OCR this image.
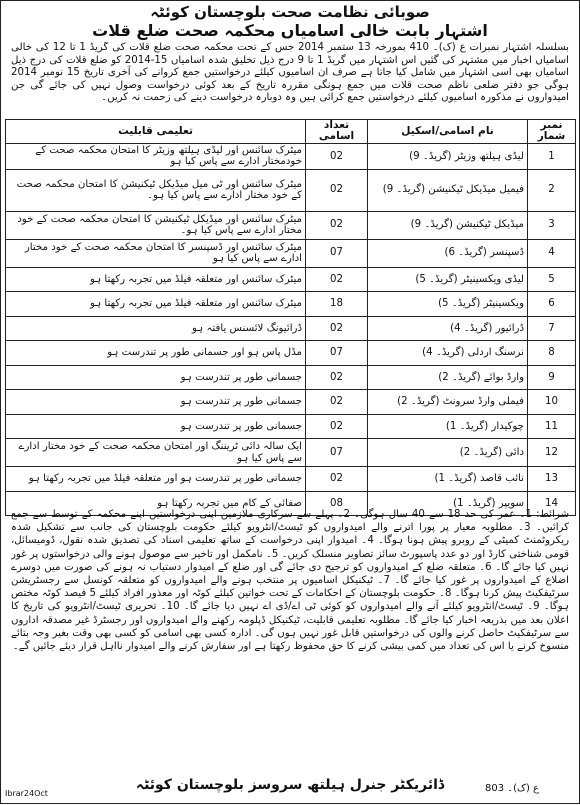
صوبائی نظامت صحت بلوچستان کوئٹہ
اشتہار بابت خالی اسامیاں محکمہ صحت ضلع قلات
بسلسلہ اشتہار نمبرات ع (ک)۔ 410 بمورخہ 13 ستمبر 2014 جس کے تحت محکمہ صحت ضلع قلات کی گریڈ 1 تا 12 کی خالی اسامیاں اخبار میں مشتہر کی گئیں اس اشتہار میں گریڈ 1 تا 9 درج ذیل تخلیق شدہ اسامیاں 15-2014 کو ضلع قلات کی درج ذیل اسامیاں بھی اسی اشتہار میں شامل کیا جاتا ہے صرف ان اسامیوں کیلئے درخواستیں جمع کروانے کی آخری تاریخ 15 نومبر 2014 ہوگی جو دفتر ضلعی ناظم صحت قلات میں جمع ہونگی مقررہ تاریخ کے بعد کوئی درخواست وصول نہیں کی جائے گی جن امیدواروں نے مذکورہ اسامیوں کیلئے درخواستیں جمع کرائی ہیں وہ دوبارہ درخواست دینے کی زحمت نہ کریں۔
نمبر شمار	نام اسامی/اسکیل	تعداد اسامی	تعلیمی قابلیت
1	لیڈی ہیلتھ وزیٹر (گریڈ۔ 9)	02	میٹرک سائنس اور لیڈی ہیلتھ وزیٹر کا امتحان محکمہ صحت کے خودمختار ادارے سے پاس کیا ہو
2	فیمیل میڈیکل ٹیکنیشن (گریڈ۔ 9)	02	میٹرک سائنس اور ٹی میل میڈیکل ٹیکنیشن کا امتحان محکمہ صحت کے خود مختار ادارے سے پاس کیا ہو۔
3	میڈیکل ٹیکنیشن (گریڈ۔ 9)	02	میٹرک سائنس اور میڈیکل ٹیکنیشن کا امتحان محکمہ صحت کے خود مختار ادارے سے پاس کیا ہو۔
4	ڈسپنسر (گریڈ۔ 6)	07	میٹرک سائنس اور ڈسپنسر کا امتحان محکمہ صحت کے خود مختار ادارے سے پاس کیا ہو
5	لیڈی ویکسینیٹر (گریڈ۔ 5)	02	میٹرک سائنس اور متعلقہ فیلڈ میں تجربہ رکھتا ہو
6	ویکسینیٹر (گریڈ۔ 5)	18	میٹرک سائنس اور متعلقہ فیلڈ میں تجربہ رکھتا ہو
7	ڈرائیور (گریڈ۔ 4)	02	ڈرائیونگ لائسنس یافتہ ہو
8	نرسنگ اردلی (گریڈ۔ 4)	07	مڈل پاس ہو اور جسمانی طور پر تندرست ہو
9	وارڈ بوائے (گریڈ۔ 2)	02	جسمانی طور پر تندرست ہو
10	فیملی وارڈ سرونٹ (گریڈ۔ 2)	02	جسمانی طور پر تندرست ہو
11	چوکیدار (گریڈ۔ 1)	02	جسمانی طور پر تندرست ہو
12	دائی (گریڈ۔ 2)	07	ایک سالہ دائی ٹریننگ اور امتحان محکمہ صحت کے خود مختار ادارے سے پاس کیا ہو
13	نائب قاصد (گریڈ۔ 1)	02	جسمانی طور پر تندرست ہو اور متعلقہ فیلڈ میں تجربہ رکھتا ہو
14	سویپر (گریڈ۔ 1)	08	صفائی کے کام میں تجربہ رکھتا ہو
شرائط: 1۔ عمر کی حد 18 سے 40 سال ہوگی۔ 2۔ پہلے سے سرکاری ملازمین اپنی درخواستیں اپنے محکمہ کے توسط سے جمع کرائیں۔ 3۔ مطلوبہ معیار پر پورا اترنے والے امیدواروں کو ٹیسٹ/انٹرویو کیلئے حکومت بلوچستان کی جانب سے تشکیل شدہ ریکروٹمنٹ کمیٹی کے روبرو پیش ہونا ہوگا۔ 4۔ امیدوار اپنی درخواست کے ساتھ تعلیمی اسناد کی تصدیق شدہ نقول، ڈومیسائل، قومی شناختی کارڈ اور دو عدد پاسپورٹ سائز تصاویر منسلک کریں۔ 5۔ نامکمل اور تاخیر سے موصول ہونے والی درخواستوں پر غور نہیں کیا جائے گا۔ 6۔ متعلقہ ضلع کے امیدواروں کو ترجیح دی جائے گی اور ضلع کے امیدوار دستیاب نہ ہونے کی صورت میں دوسرے اضلاع کے امیدواروں پر غور کیا جائے گا۔ 7۔ ٹیکنیکل اسامیوں پر منتخب ہونے والے امیدواروں کو متعلقہ کونسل سے رجسٹریشن سرٹیفکیٹ پیش کرنا ہوگا۔ 8۔ حکومت بلوچستان کے احکامات کے تحت خواتین کیلئے کوٹہ اور معذور افراد کیلئے 5 فیصد کوٹہ مختص ہوگا۔ 9۔ ٹیسٹ/انٹرویو کیلئے آنے والے امیدواروں کو کوئی ٹی اے/ڈی اے نہیں دیا جائے گا۔ 10۔ تحریری ٹیسٹ/انٹرویو کی تاریخ کا اعلان بعد میں بذریعہ اخبار کیا جائے گا۔ مطلوبہ تعلیمی قابلیت، ٹیکنیکل ڈپلومہ رکھنے والے امیدواروں اور رجسٹرڈ غیر مصدقہ اداروں سے سرٹیفکیٹ حاصل کرنے والوں کی درخواستیں قابل غور نہیں ہوں گی۔ ادارہ کسی بھی اسامی کو کسی بھی وقت بغیر وجہ بتائے منسوخ کرنے یا اس کی تعداد میں کمی بیشی کرنے کا حق محفوظ رکھتا ہے اور سفارش کرنے والے امیدوار نااہل قرار دیئے جائیں گے۔
ع (ک)۔ 803
ڈائریکٹر جنرل ہیلتھ سروسز بلوچستان کوئٹہ
Ibrar24Oct
